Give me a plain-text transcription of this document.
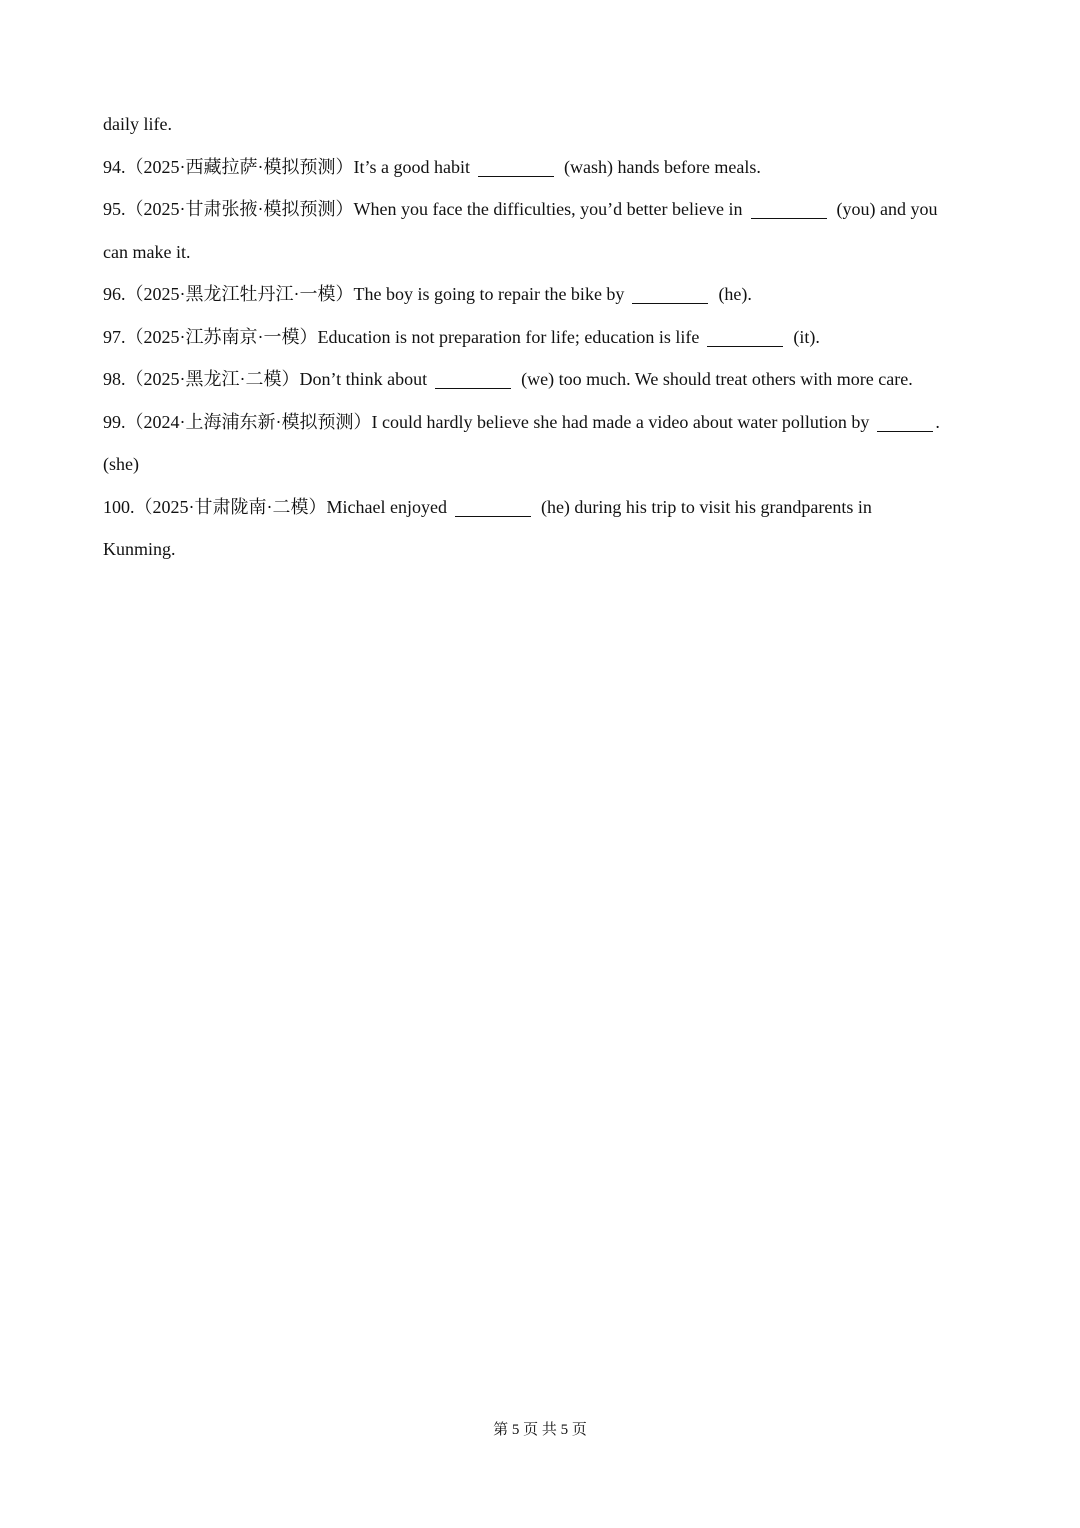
daily life.
94.（2025·西藏拉萨·模拟预测）It’s a good habit	(wash) hands before meals.
95.（2025·甘肃张掖·模拟预测）When you face the difficulties, you’d better believe in	(you) and you
can make it.
96.（2025·黑龙江牡丹江·一模）The boy is going to repair the bike by	(he).
97.（2025·江苏南京·一模）Education is not preparation for life; education is life	(it).
98.（2025·黑龙江·二模）Don’t think about	(we) too much. We should treat others with more care.
99.（2024·上海浦东新·模拟预测）I could hardly believe she had made a video about water pollution by	.
(she)
100.（2025·甘肃陇南·二模）Michael enjoyed	(he) during his trip to visit his grandparents in
Kunming.
第 5 页 共 5 页
